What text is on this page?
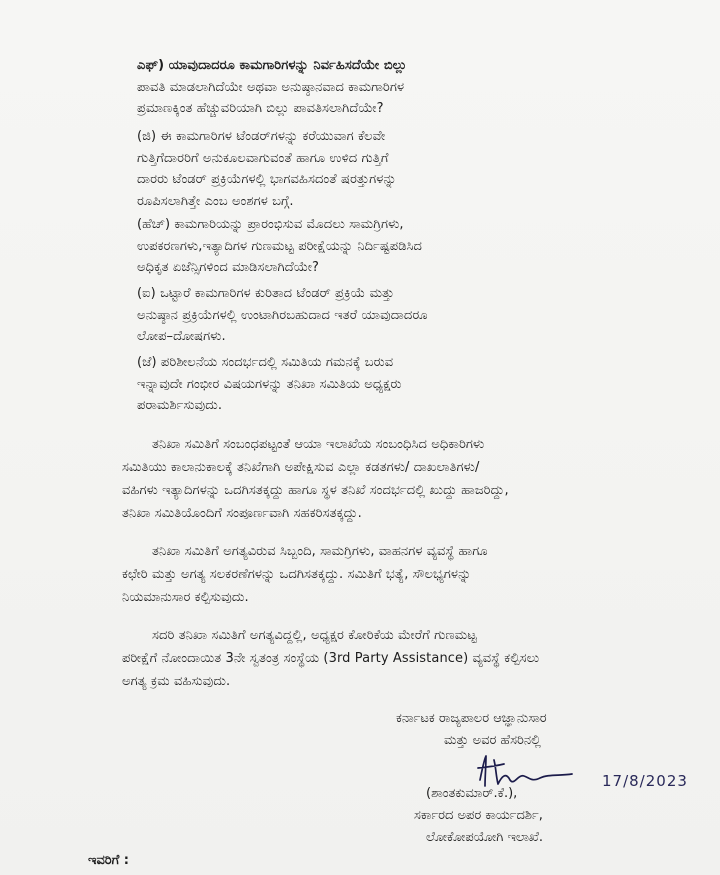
ಎಫ್) ಯಾವುದಾದರೂ ಕಾಮಗಾರಿಗಳನ್ನು ನಿರ್ವಹಿಸದೆಯೇ ಬಿಲ್ಲು
ಪಾವತಿ ಮಾಡಲಾಗಿದೆಯೇ ಅಥವಾ ಅನುಷ್ಠಾನವಾದ ಕಾಮಗಾರಿಗಳ
ಪ್ರಮಾಣಕ್ಕಿಂತ ಹೆಚ್ಚುವರಿಯಾಗಿ ಬಿಲ್ಲು ಪಾವತಿಸಲಾಗಿದೆಯೇ?
(ಜಿ) ಈ ಕಾಮಗಾರಿಗಳ ಟೆಂಡರ್‌ಗಳನ್ನು ಕರೆಯುವಾಗ ಕೆಲವೇ
ಗುತ್ತಿಗೆದಾರರಿಗೆ ಅನುಕೂಲವಾಗುವಂತೆ ಹಾಗೂ ಉಳಿದ ಗುತ್ತಿಗೆ
ದಾರರು ಟೆಂಡರ್ ಪ್ರಕ್ರಿಯೆಗಳಲ್ಲಿ ಭಾಗವಹಿಸದಂತೆ ಷರತ್ತುಗಳನ್ನು
ರೂಪಿಸಲಾಗಿತ್ತೇ ಎಂಬ ಅಂಶಗಳ ಬಗ್ಗೆ.
(ಹೆಚ್) ಕಾಮಗಾರಿಯನ್ನು ಪ್ರಾರಂಭಿಸುವ ಮೊದಲು ಸಾಮಗ್ರಿಗಳು,
ಉಪಕರಣಗಳು,ಇತ್ಯಾದಿಗಳ ಗುಣಮಟ್ಟ ಪರೀಕ್ಷೆಯನ್ನು ನಿರ್ದಿಷ್ಟಪಡಿಸಿದ
ಅಧಿಕೃತ ಏಜೆನ್ಸಿಗಳಿಂದ ಮಾಡಿಸಲಾಗಿದೆಯೇ?
(ಐ) ಒಟ್ಟಾರೆ ಕಾಮಗಾರಿಗಳ ಕುರಿತಾದ ಟೆಂಡರ್ ಪ್ರಕ್ರಿಯೆ ಮತ್ತು
ಅನುಷ್ಠಾನ ಪ್ರಕ್ರಿಯೆಗಳಲ್ಲಿ ಉಂಟಾಗಿರಬಹುದಾದ ಇತರೆ ಯಾವುದಾದರೂ
ಲೋಪ–ದೋಷಗಳು.
(ಜೆ) ಪರಿಶೀಲನೆಯ ಸಂದರ್ಭದಲ್ಲಿ ಸಮಿತಿಯ ಗಮನಕ್ಕೆ ಬರುವ
ಇನ್ನಾವುದೇ ಗಂಭೀರ ವಿಷಯಗಳನ್ನು ತನಿಖಾ ಸಮಿತಿಯ ಅಧ್ಯಕ್ಷರು
ಪರಾಮರ್ಶಿಸುವುದು.
ತನಿಖಾ ಸಮಿತಿಗೆ ಸಂಬಂಧಪಟ್ಟಂತೆ ಆಯಾ ಇಲಾಖೆಯ ಸಂಬಂಧಿಸಿದ ಅಧಿಕಾರಿಗಳು
ಸಮಿತಿಯು ಕಾಲಾನುಕಾಲಕ್ಕೆ ತನಿಖೆಗಾಗಿ ಅಪೇಕ್ಷಿಸುವ ಎಲ್ಲಾ ಕಡತಗಳು/ ದಾಖಲಾತಿಗಳು/
ವಹಿಗಳು ಇತ್ಯಾದಿಗಳನ್ನು ಒದಗಿಸತಕ್ಕದ್ದು ಹಾಗೂ ಸ್ಥಳ ತನಿಖೆ ಸಂದರ್ಭದಲ್ಲಿ ಖುದ್ದು ಹಾಜರಿದ್ದು,
ತನಿಖಾ ಸಮಿತಿಯೊಂದಿಗೆ ಸಂಪೂರ್ಣವಾಗಿ ಸಹಕರಿಸತಕ್ಕದ್ದು.
ತನಿಖಾ ಸಮಿತಿಗೆ ಅಗತ್ಯವಿರುವ ಸಿಬ್ಬಂದಿ, ಸಾಮಗ್ರಿಗಳು, ವಾಹನಗಳ ವ್ಯವಸ್ಥೆ ಹಾಗೂ
ಕಛೇರಿ ಮತ್ತು ಅಗತ್ಯ ಸಲಕರಣೆಗಳನ್ನು ಒದಗಿಸತಕ್ಕದ್ದು. ಸಮಿತಿಗೆ ಭತ್ಯೆ, ಸೌಲಭ್ಯಗಳನ್ನು
ನಿಯಮಾನುಸಾರ ಕಲ್ಪಿಸುವುದು.
ಸದರಿ ತನಿಖಾ ಸಮಿತಿಗೆ ಅಗತ್ಯವಿದ್ದಲ್ಲಿ, ಅಧ್ಯಕ್ಷರ ಕೋರಿಕೆಯ ಮೇರೆಗೆ ಗುಣಮಟ್ಟ
ಪರೀಕ್ಷೆಗೆ ನೋಂದಾಯಿತ 3ನೇ ಸ್ವತಂತ್ರ ಸಂಸ್ಥೆಯ (3rd Party Assistance) ವ್ಯವಸ್ಥೆ ಕಲ್ಪಿಸಲು
ಅಗತ್ಯ ಕ್ರಮ ವಹಿಸುವುದು.
ಕರ್ನಾಟಕ ರಾಜ್ಯಪಾಲರ ಆಜ್ಞಾನುಸಾರ
ಮತ್ತು ಅವರ ಹೆಸರಿನಲ್ಲಿ
17/8/2023
(ಶಾಂತಕುಮಾರ್.ಕೆ.),
ಸರ್ಕಾರದ ಅಪರ ಕಾರ್ಯದರ್ಶಿ,
ಲೋಕೋಪಯೋಗಿ ಇಲಾಖೆ.
ಇವರಿಗೆ :
